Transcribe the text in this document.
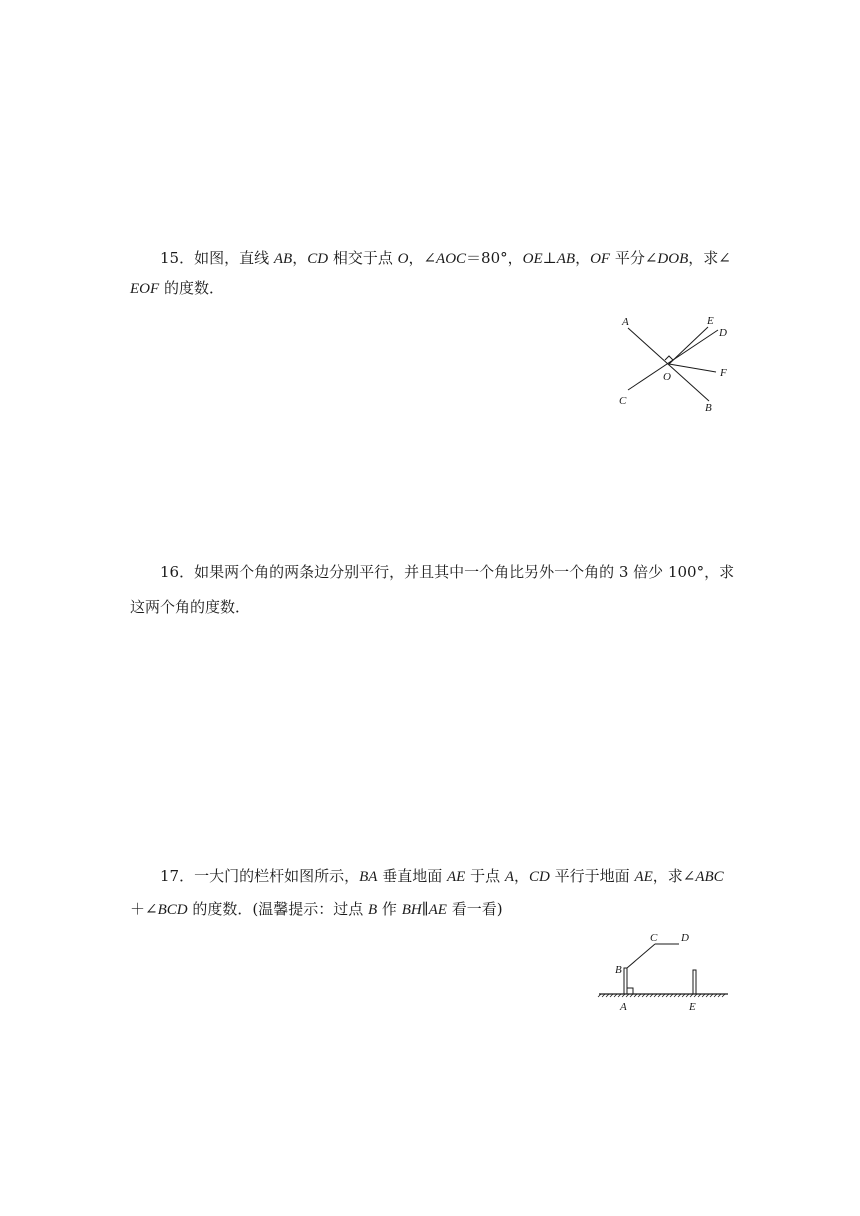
15．如图，直线 AB，CD 相交于点 O，∠AOC＝80°，OE⊥AB，OF 平分∠DOB，求∠
EOF 的度数．
A	E
D
O	F
C
B
16．如果两个角的两条边分别平行，并且其中一个角比另外一个角的 3 倍少 100°，求
这两个角的度数．
17．一大门的栏杆如图所示，BA 垂直地面 AE 于点 A，CD 平行于地面 AE，求∠ABC
＋∠BCD 的度数．(温馨提示：过点 B 作 BH∥AE 看一看)
C D
B
A	E
